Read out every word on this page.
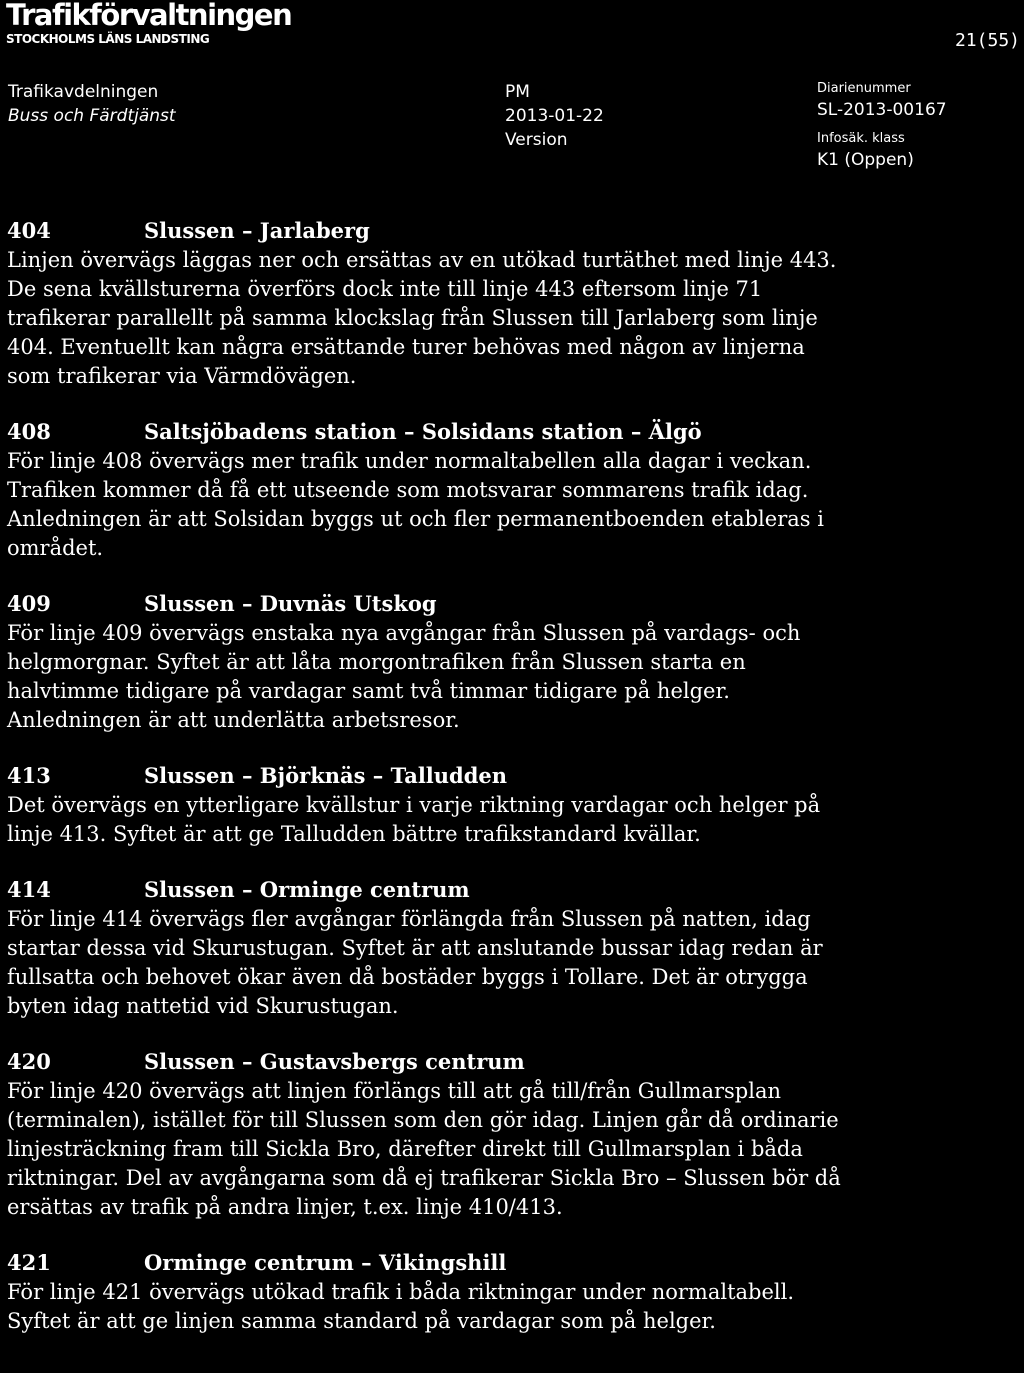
Trafikförvaltningen
STOCKHOLMS LÄNS LANDSTING	21(55)
Trafikavdelningen
Buss och Färdtjänst
PM
2013-01-22
Version
Diarienummer
SL-2013-00167
Infosäk. klass
K1 (Oppen)
404	Slussen – Jarlaberg
Linjen övervägs läggas ner och ersättas av en utökad turtäthet med linje 443. De sena kvällsturerna överförs dock inte till linje 443 eftersom linje 71 trafikerar parallellt på samma klockslag från Slussen till Jarlaberg som linje 404. Eventuellt kan några ersättande turer behövas med någon av linjerna som trafikerar via Värmdövägen.
408	Saltsjöbadens station – Solsidans station – Älgö
För linje 408 övervägs mer trafik under normaltabellen alla dagar i veckan. Trafiken kommer då få ett utseende som motsvarar sommarens trafik idag. Anledningen är att Solsidan byggs ut och fler permanentboenden etableras i området.
409	Slussen – Duvnäs Utskog
För linje 409 övervägs enstaka nya avgångar från Slussen på vardags- och helgmorgnar. Syftet är att låta morgontrafiken från Slussen starta en halvtimme tidigare på vardagar samt två timmar tidigare på helger. Anledningen är att underlätta arbetsresor.
413	Slussen – Björknäs – Talludden
Det övervägs en ytterligare kvällstur i varje riktning vardagar och helger på linje 413. Syftet är att ge Talludden bättre trafikstandard kvällar.
414	Slussen – Orminge centrum
För linje 414 övervägs fler avgångar förlängda från Slussen på natten, idag startar dessa vid Skurustugan. Syftet är att anslutande bussar idag redan är fullsatta och behovet ökar även då bostäder byggs i Tollare. Det är otrygga byten idag nattetid vid Skurustugan.
420	Slussen – Gustavsbergs centrum
För linje 420 övervägs att linjen förlängs till att gå till/från Gullmarsplan (terminalen), istället för till Slussen som den gör idag. Linjen går då ordinarie linjesträckning fram till Sickla Bro, därefter direkt till Gullmarsplan i båda riktningar. Del av avgångarna som då ej trafikerar Sickla Bro – Slussen bör då ersättas av trafik på andra linjer, t.ex. linje 410/413.
421	Orminge centrum – Vikingshill
För linje 421 övervägs utökad trafik i båda riktningar under normaltabell. Syftet är att ge linjen samma standard på vardagar som på helger.
